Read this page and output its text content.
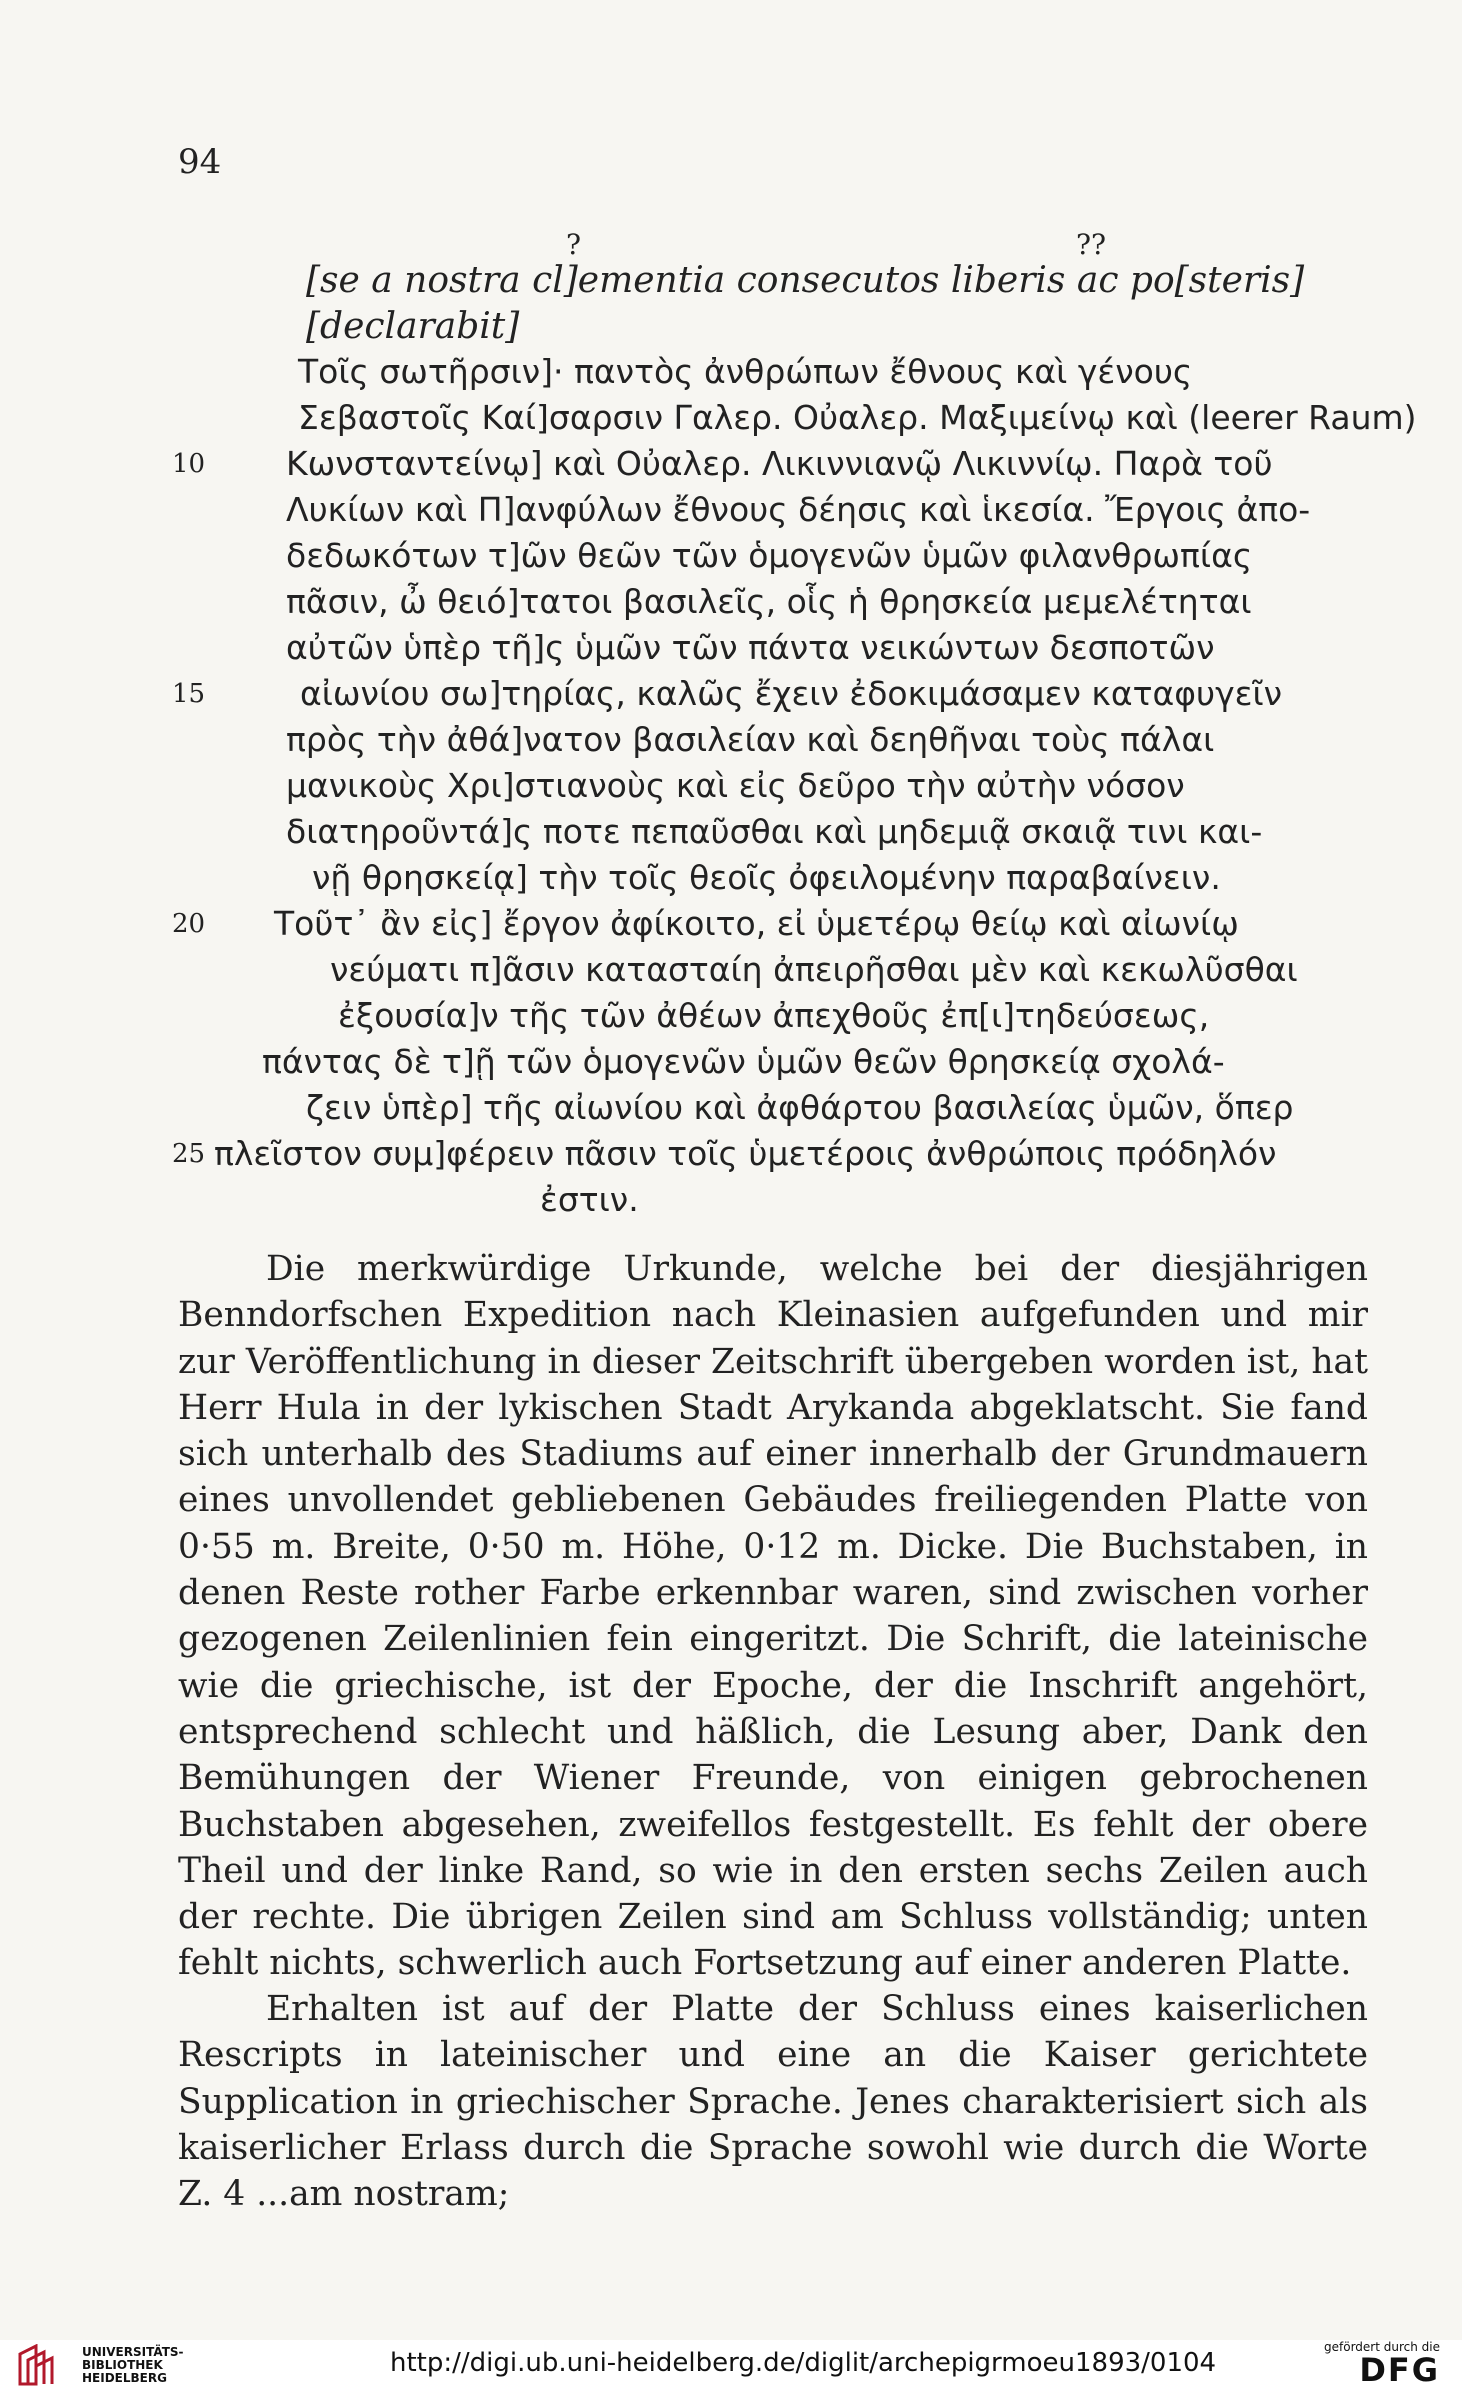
94
?	??
[se a nostra cl]ementia consecutos liberis ac po[steris]
[declarabit]
Τοῖς σωτῆρσιν]· παντὸς ἀνθρώπων ἔθνους καὶ γένους
Σεβαστοῖς Καί]σαρσιν Γαλερ. Οὐαλερ. Μαξιμείνῳ καὶ (leerer Raum)
10 Κωνσταντείνῳ] καὶ Οὐαλερ. Λικιννιανῷ Λικιννίῳ. Παρὰ τοῦ
Λυκίων καὶ Π]ανφύλων ἔθνους δέησις καὶ ἱκεσία. Ἔργοις ἀπο-
δεδωκότων τ]ῶν θεῶν τῶν ὁμογενῶν ὑμῶν φιλανθρωπίας
πᾶσιν, ὦ θειό]τατοι βασιλεῖς, οἷς ἡ θρησκεία μεμελέτηται
αὐτῶν ὑπὲρ τῆ]ς ὑμῶν τῶν πάντα νεικώντων δεσποτῶν
15	αἰωνίου σω]τηρίας, καλῶς ἔχειν ἐδοκιμάσαμεν καταφυγεῖν
πρὸς τὴν ἀθά]νατον βασιλείαν καὶ δεηθῆναι τοὺς πάλαι
μανικοὺς Χρι]στιανοὺς καὶ εἰς δεῦρο τὴν αὐτὴν νόσον
διατηροῦντά]ς ποτε πεπαῦσθαι καὶ μηδεμιᾷ σκαιᾷ τινι και-
νῇ θρησκείᾳ] τὴν τοῖς θεοῖς ὀφειλομένην παραβαίνειν.
20 Τοῦτ᾽ ἂν εἰς] ἔργον ἀφίκοιτο, εἰ ὑμετέρῳ θείῳ καὶ αἰωνίῳ
νεύματι π]ᾶσιν κατασταίη ἀπειρῆσθαι μὲν καὶ κεκωλῦσθαι
ἐξουσία]ν τῆς τῶν ἀθέων ἀπεχθοῦς ἐπ[ι]τηδεύσεως,
πάντας δὲ τ]ῇ τῶν ὁμογενῶν ὑμῶν θεῶν θρησκείᾳ σχολά-
ζειν ὑπὲρ] τῆς αἰωνίου καὶ ἀφθάρτου βασιλείας ὑμῶν, ὅπερ
25 πλεῖστον συμ]φέρειν πᾶσιν τοῖς ὑμετέροις ἀνθρώποις πρόδηλόν
ἐστιν.

Die merkwürdige Urkunde, welche bei der diesjährigen Benndorfschen Expedition nach Kleinasien aufgefunden und mir zur Veröffentlichung in dieser Zeitschrift übergeben worden ist, hat Herr Hula in der lykischen Stadt Arykanda abgeklatscht. Sie fand sich unterhalb des Stadiums auf einer innerhalb der Grundmauern eines unvollendet gebliebenen Gebäudes freiliegenden Platte von 0·55 m. Breite, 0·50 m. Höhe, 0·12 m. Dicke. Die Buchstaben, in denen Reste rother Farbe erkennbar waren, sind zwischen vorher gezogenen Zeilenlinien fein eingeritzt. Die Schrift, die lateinische wie die griechische, ist der Epoche, der die Inschrift angehört, entsprechend schlecht und häßlich, die Lesung aber, Dank den Bemühungen der Wiener Freunde, von einigen gebrochenen Buchstaben abgesehen, zweifellos festgestellt. Es fehlt der obere Theil und der linke Rand, so wie in den ersten sechs Zeilen auch der rechte. Die übrigen Zeilen sind am Schluss vollständig; unten fehlt nichts, schwerlich auch Fortsetzung auf einer anderen Platte.

Erhalten ist auf der Platte der Schluss eines kaiserlichen Rescripts in lateinischer und eine an die Kaiser gerichtete Supplication in griechischer Sprache. Jenes charakterisiert sich als kaiserlicher Erlass durch die Sprache sowohl wie durch die Worte Z. 4 ...am nostram;

UNIVERSITÄTS-
BIBLIOTHEK
HEIDELBERG	http://digi.ub.uni-heidelberg.de/diglit/archepigrmoeu1893/0104
gefördert durch die
DFG
